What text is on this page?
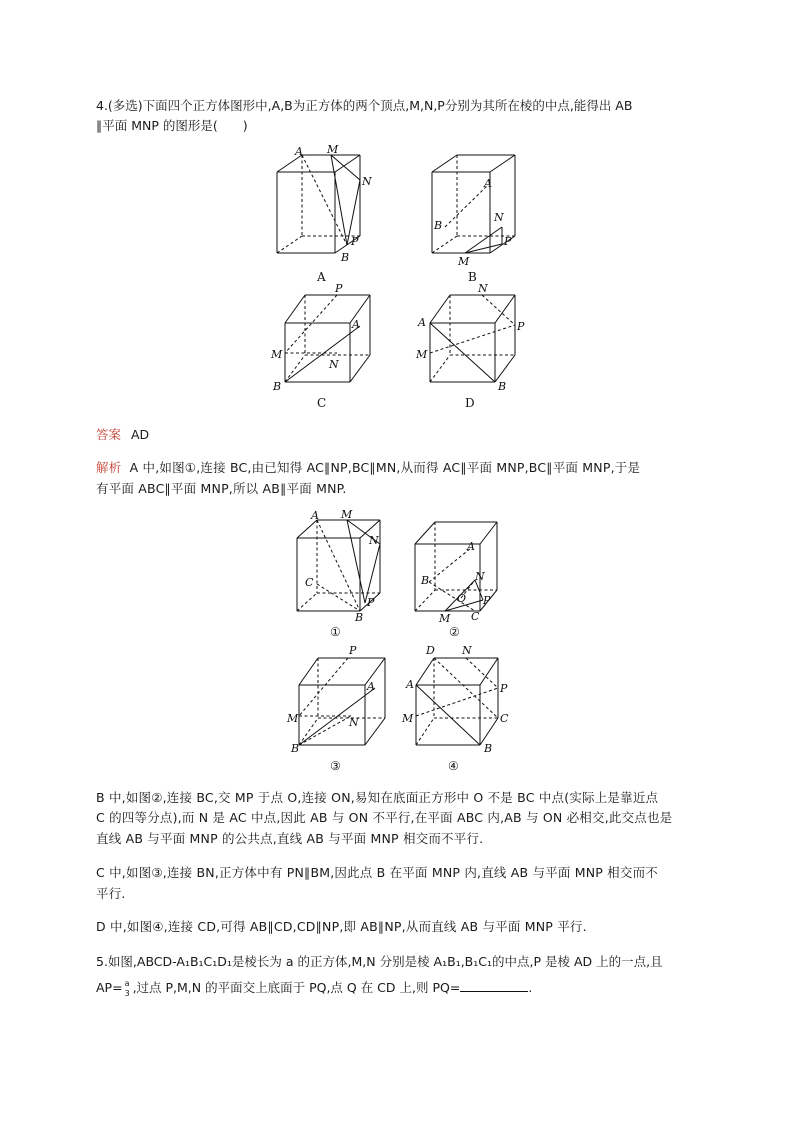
4.(多选)下面四个正方体图形中,A,B为正方体的两个顶点,M,N,P分别为其所在棱的中点,能得出 AB
∥平面 MNP 的图形是(　　)
A M
N
P
B
A
A
B
N
P
M
B
P
A
M
N
B
C
N
A	P
M
B
D
答案 AD
解析 A 中,如图①,连接 BC,由已知得 AC∥NP,BC∥MN,从而得 AC∥平面 MNP,BC∥平面 MNP,于是
有平面 ABC∥平面 MNP,所以 AB∥平面 MNP.
A M
N
C
P
B
①
A
B	N
O P
M C
②
P
A
M	N
B
③
D N
A	P
M	C
B
④
B 中,如图②,连接 BC,交 MP 于点 O,连接 ON,易知在底面正方形中 O 不是 BC 中点(实际上是靠近点
C 的四等分点),而 N 是 AC 中点,因此 AB 与 ON 不平行,在平面 ABC 内,AB 与 ON 必相交,此交点也是
直线 AB 与平面 MNP 的公共点,直线 AB 与平面 MNP 相交而不平行.
C 中,如图③,连接 BN,正方体中有 PN∥BM,因此点 B 在平面 MNP 内,直线 AB 与平面 MNP 相交而不
平行.
D 中,如图④,连接 CD,可得 AB∥CD,CD∥NP,即 AB∥NP,从而直线 AB 与平面 MNP 平行.
5.如图,ABCD-A₁B₁C₁D₁是棱长为 a 的正方体,M,N 分别是棱 A₁B₁,B₁C₁的中点,P 是棱 AD 上的一点,且
AP= a
3 ,过点 P,M,N 的平面交上底面于 PQ,点 Q 在 CD 上,则 PQ=	.
